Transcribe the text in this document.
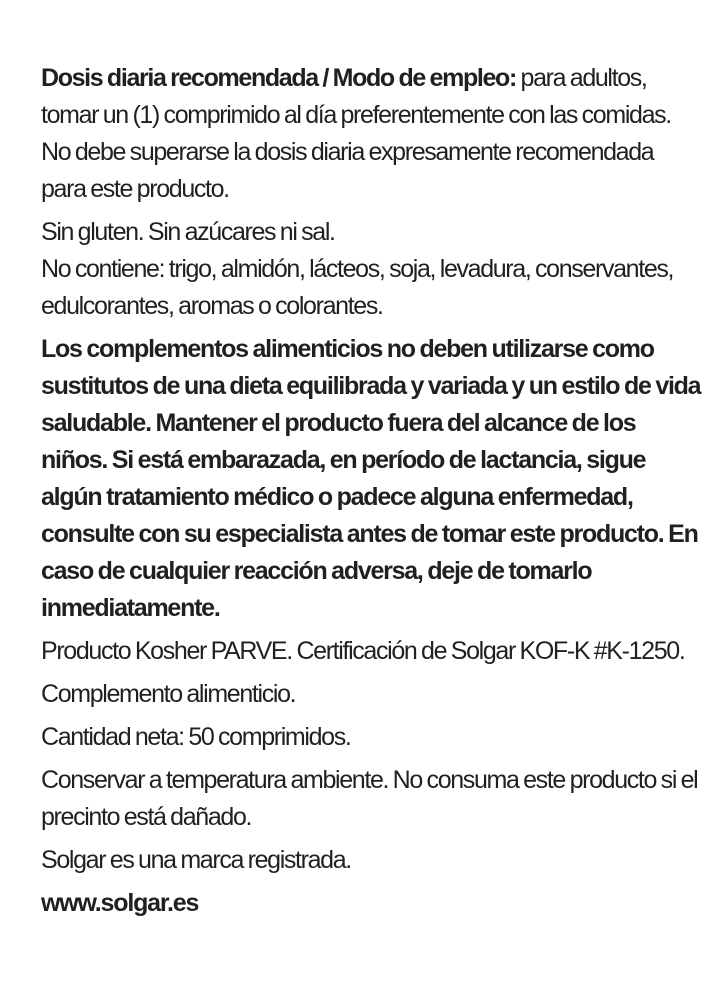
Dosis diaria recomendada / Modo de empleo: para adultos, tomar un (1) comprimido al día preferentemente con las comidas. No debe superarse la dosis diaria expresamente recomendada para este producto.

Sin gluten. Sin azúcares ni sal.

No contiene: trigo, almidón, lácteos, soja, levadura, conservantes, edulcorantes, aromas o colorantes.

Los complementos alimenticios no deben utilizarse como sustitutos de una dieta equilibrada y variada y un estilo de vida saludable. Mantener el producto fuera del alcance de los niños. Si está embarazada, en período de lactancia, sigue algún tratamiento médico o padece alguna enfermedad, consulte con su especialista antes de tomar este producto. En caso de cualquier reacción adversa, deje de tomarlo inmediatamente.

Producto Kosher PARVE. Certificación de Solgar KOF-K #K-1250.

Complemento alimenticio.

Cantidad neta: 50 comprimidos.

Conservar a temperatura ambiente. No consuma este producto si el precinto está dañado.

Solgar es una marca registrada.

www.solgar.es
